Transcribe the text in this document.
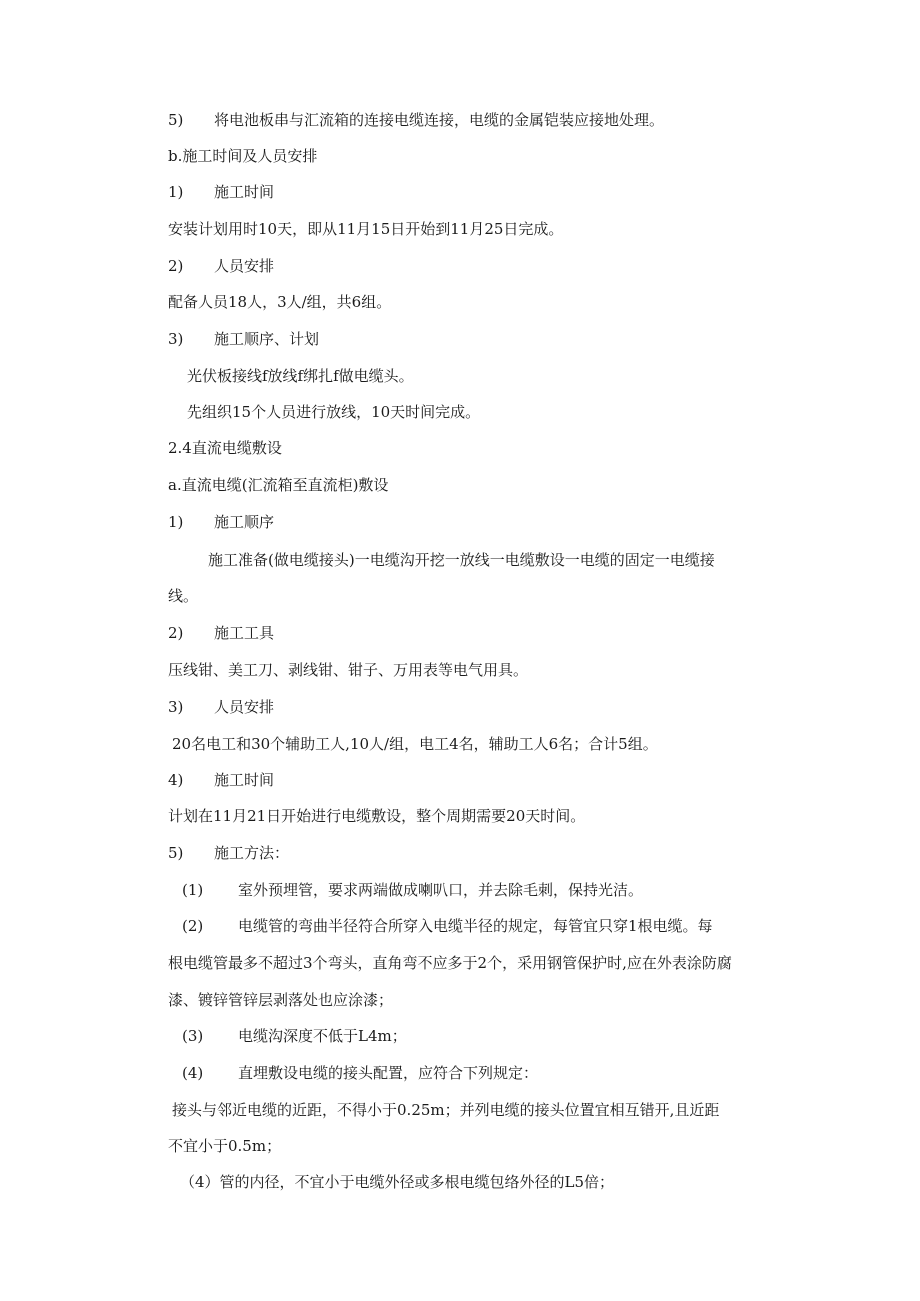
5) 将电池板串与汇流箱的连接电缆连接，电缆的金属铠装应接地处理。
b.施工时间及人员安排
1) 施工时间
安装计划用时10天，即从11月15日开始到11月25日完成。
2) 人员安排
配备人员18人，3人/组，共6组。
3) 施工顺序、计划
光伏板接线f放线f绑扎f做电缆头。
先组织15个人员进行放线，10天时间完成。
2.4直流电缆敷设
a.直流电缆(汇流箱至直流柜)敷设
1) 施工顺序
施工准备(做电缆接头)一电缆沟开挖一放线一电缆敷设一电缆的固定一电缆接
线。
2) 施工工具
压线钳、美工刀、剥线钳、钳子、万用表等电气用具。
3) 人员安排
20名电工和30个辅助工人,10人/组，电工4名，辅助工人6名；合计5组。
4) 施工时间
计划在11月21日开始进行电缆敷设，整个周期需要20天时间。
5) 施工方法：
(1) 室外预埋管，要求两端做成喇叭口，并去除毛刺，保持光洁。
(2) 电缆管的弯曲半径符合所穿入电缆半径的规定，每管宜只穿1根电缆。每
根电缆管最多不超过3个弯头，直角弯不应多于2个，采用钢管保护时,应在外表涂防腐
漆、镀锌管锌层剥落处也应涂漆；
(3) 电缆沟深度不低于L4m；
(4) 直埋敷设电缆的接头配置，应符合下列规定：
接头与邻近电缆的近距，不得小于0.25m；并列电缆的接头位置宜相互错开,且近距
不宜小于0.5m；
（4）管的内径，不宜小于电缆外径或多根电缆包络外径的L5倍；
